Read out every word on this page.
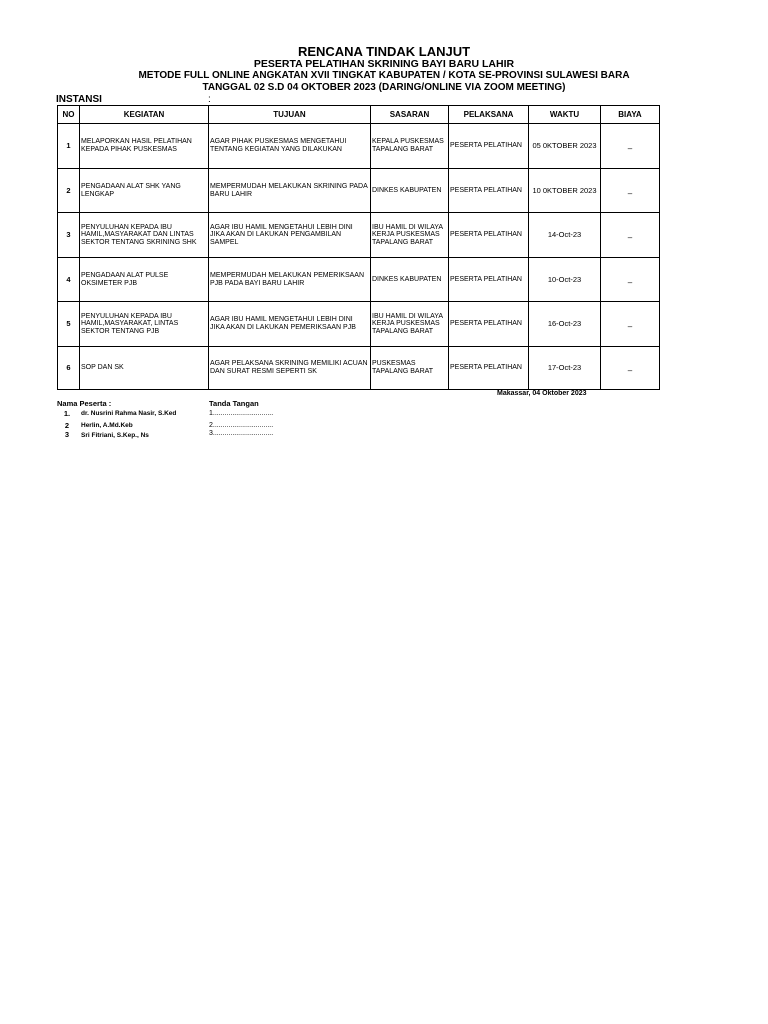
RENCANA TINDAK LANJUT
PESERTA PELATIHAN SKRINING BAYI BARU LAHIR
METODE FULL ONLINE ANGKATAN XVII TINGKAT KABUPATEN / KOTA SE-PROVINSI SULAWESI BARA
TANGGAL 02 S.D 04 OKTOBER 2023 (DARING/ONLINE VIA ZOOM MEETING)
INSTANSI	:
NO	KEGIATAN	TUJUAN	SASARAN	PELAKSANA	WAKTU	BIAYA
1	MELAPORKAN HASIL PELATIHAN KEPADA PIHAK PUSKESMAS	AGAR PIHAK PUSKESMAS MENGETAHUI TENTANG KEGIATAN YANG DILAKUKAN	KEPALA PUSKESMAS TAPALANG BARAT	PESERTA PELATIHAN	05 0KTOBER 2023	–
2	PENGADAAN ALAT SHK YANG LENGKAP	MEMPERMUDAH MELAKUKAN SKRINING PADA BARU LAHIR	DINKES KABUPATEN	PESERTA PELATIHAN	10 0KTOBER 2023	–
3	PENYULUHAN KEPADA IBU HAMIL,MASYARAKAT DAN LINTAS SEKTOR TENTANG SKRINING SHK	AGAR IBU HAMIL MENGETAHUI LEBIH DINI JIKA AKAN DI LAKUKAN PENGAMBILAN SAMPEL	IBU HAMIL DI WILAYA KERJA PUSKESMAS TAPALANG BARAT	PESERTA PELATIHAN	14-Oct-23	–
4	PENGADAAN ALAT PULSE OKSIMETER PJB	MEMPERMUDAH MELAKUKAN PEMERIKSAAN PJB PADA BAYI BARU LAHIR	DINKES KABUPATEN	PESERTA PELATIHAN	10-Oct-23	–
5	PENYULUHAN KEPADA IBU HAMIL,MASYARAKAT, LINTAS SEKTOR TENTANG PJB	AGAR IBU HAMIL MENGETAHUI LEBIH DINI JIKA AKAN DI LAKUKAN PEMERIKSAAN PJB	IBU HAMIL DI WILAYA KERJA PUSKESMAS TAPALANG BARAT	PESERTA PELATIHAN	16-Oct-23	–
6	SOP DAN SK	AGAR PELAKSANA SKRINING MEMILIKI ACUAN DAN SURAT RESMI SEPERTI SK	PUSKESMAS TAPALANG BARAT	PESERTA PELATIHAN	17-Oct-23	–
Makassar, 04 Oktober 2023
Nama Peserta :	Tanda Tangan
1. dr. Nusrini Rahma Nasir, S.Ked	1...............................
2 Herlin, A.Md.Keb	2...............................
3 Sri Fitriani, S.Kep., Ns	3...............................
